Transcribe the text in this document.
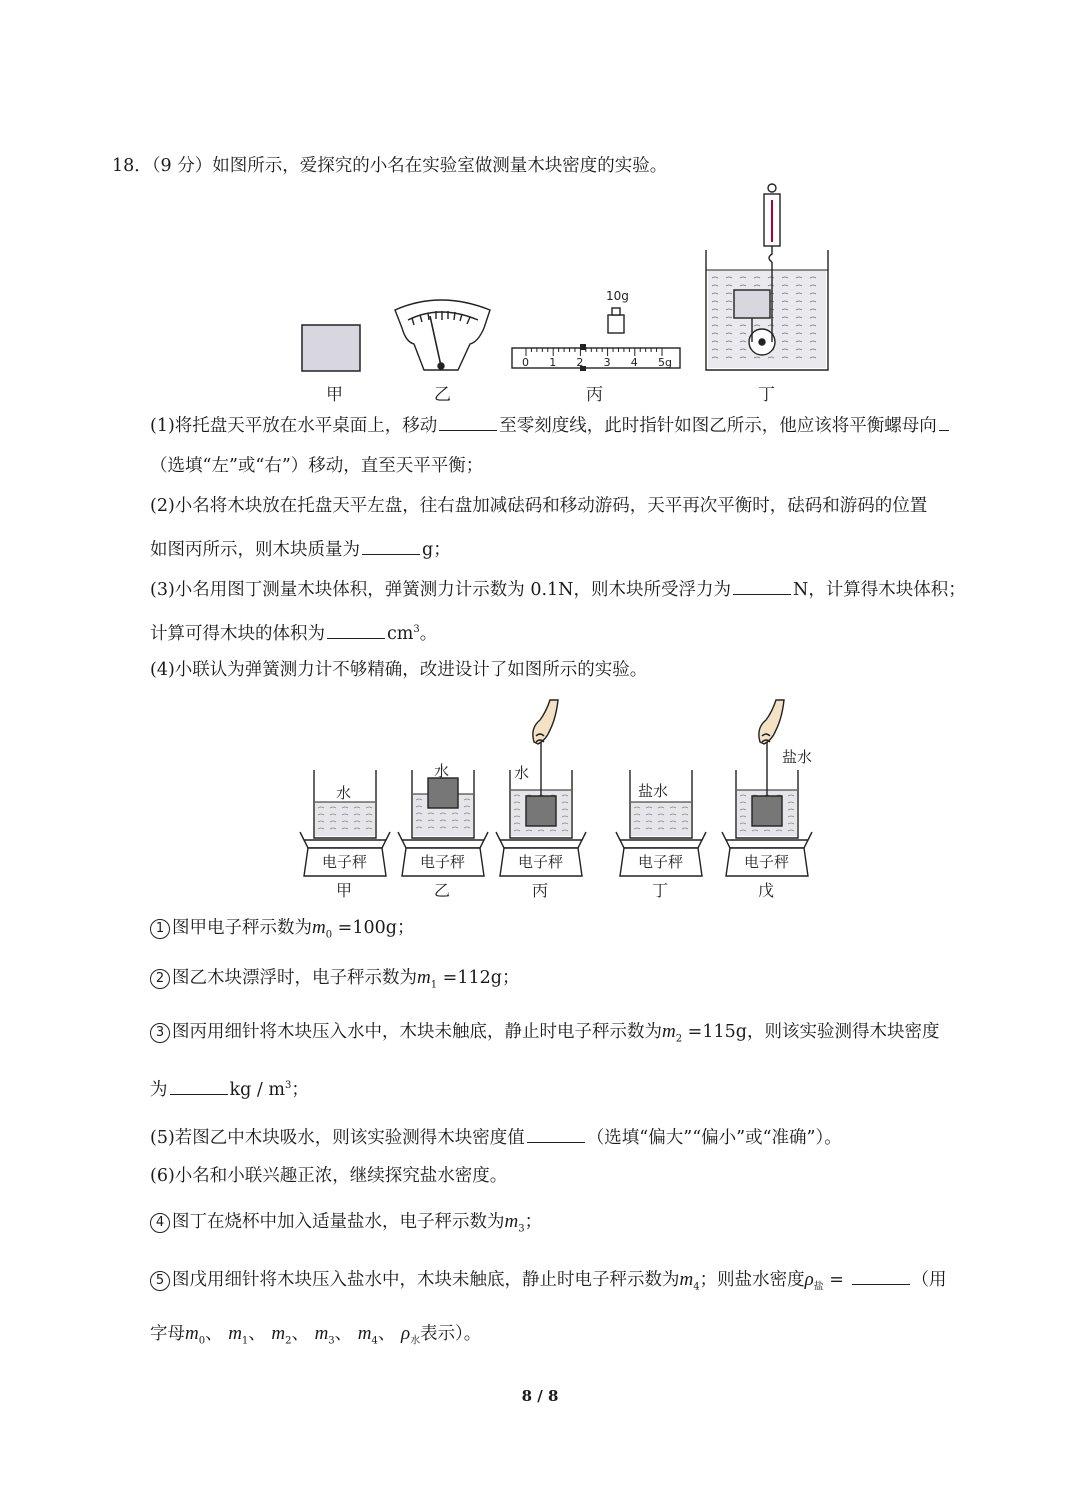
18．（9 分）如图所示，爱探究的小名在实验室做测量木块密度的实验。
10g
甲	乙	丙	丁
0 1 2 3 4 5g
(1)将托盘天平放在水平桌面上，移动	至零刻度线，此时指针如图乙所示，他应该将平衡螺母向
（选填“左”或“右”）移动，直至天平平衡；
(2)小名将木块放在托盘天平左盘，往右盘加减砝码和移动游码，天平再次平衡时，砝码和游码的位置
如图丙所示，则木块质量为	g；
(3)小名用图丁测量木块体积，弹簧测力计示数为 0.1N，则木块所受浮力为	N，计算得木块体积；
计算可得木块的体积为	$cm^3$。
(4)小联认为弹簧测力计不够精确，改进设计了如图所示的实验。
电子秤
甲
水
电子秤
乙
水
电子秤
丙
水
电子秤
丁
盐水
电子秤
戊
盐水
1 图甲电子秤示数为$m_0 =100g$；
2 图乙木块漂浮时，电子秤示数为$m_1 =112g$；
3 图丙用细针将木块压入水中，木块未触底，静止时电子秤示数为$m_2 =115g$，则该实验测得木块密度
为	kg / $m^3$；
(5)若图乙中木块吸水，则该实验测得木块密度值	（选填“偏大”“偏小”或“准确”）。
(6)小名和小联兴趣正浓，继续探究盐水密度。
4 图丁在烧杯中加入适量盐水，电子秤示数为$m_3$；
5 图戊用细针将木块压入盐水中，木块未触底，静止时电子秤示数为$m_4$；则盐水密度$\rho_盐$ =	（用
字母$m_0$、 $m_1$、 $m_2$、 $m_3$、 $m_4$、 $\rho_水$表示）。
8 / 8
